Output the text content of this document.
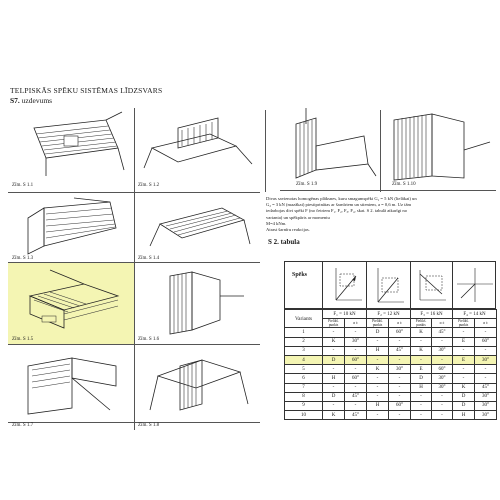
TELPISKĀS SPĒKU SISTĒMAS LĪDZSVARS
S7. uzdevums
Zīm. S 1.1	Zīm. S 1.2
Zīm. S 1.3	Zīm. S 1.4
Zīm. S 1.5	Zīm. S 1.6
Zīm. S 1.7	Zīm. S 1.8
Zīm. S 1.9	Zīm. S 1.10

Divas savienotas homogēnas plāksnes, kuru smagumspēki G₁ = 5 kN (lielākai) un

G₂ = 3 kN (mazākai) piestiprinātas ar šarnīriem un stieniem, a = 0,6 m. Uz tām

iedarbojas divi spēki F (no četriem F₁, F₂, F₃, F₄, skat. S 2. tabulā atkarīgi no

varianta) un spēkpāris ar momentu

M=4 kNm.

Atrast šarnīru reakcijas.

S 2. tabula
Spēks
Variants	F₁ = 10 kN		F₂ = 12 kN		F₃ = 16 kN		F₄ = 14 kN	
	Pielikš. punkts	α ±	Pielikš. punkts	α ±	Pielikš. punkts	α ±	Pielikš. punkts	α ±
1	-	-	D	60°	K	45°	-	-
2	K	30°	-	-	-	-	E	60°
3	-	-	H	45°	K	30°	-	-
4	D	60°	-	-	-	-	E	30°
5	-	-	K	30°	E	60°	-	-
6	H	60°	-	-	D	30°	-	-
7	-	-	-	-	H	30°	K	45°
8	D	45°	-	-	-	-	D	30°
9	-	-	H	60°	-	-	D	30°
10	K	45°	-	-	-	-	H	30°
